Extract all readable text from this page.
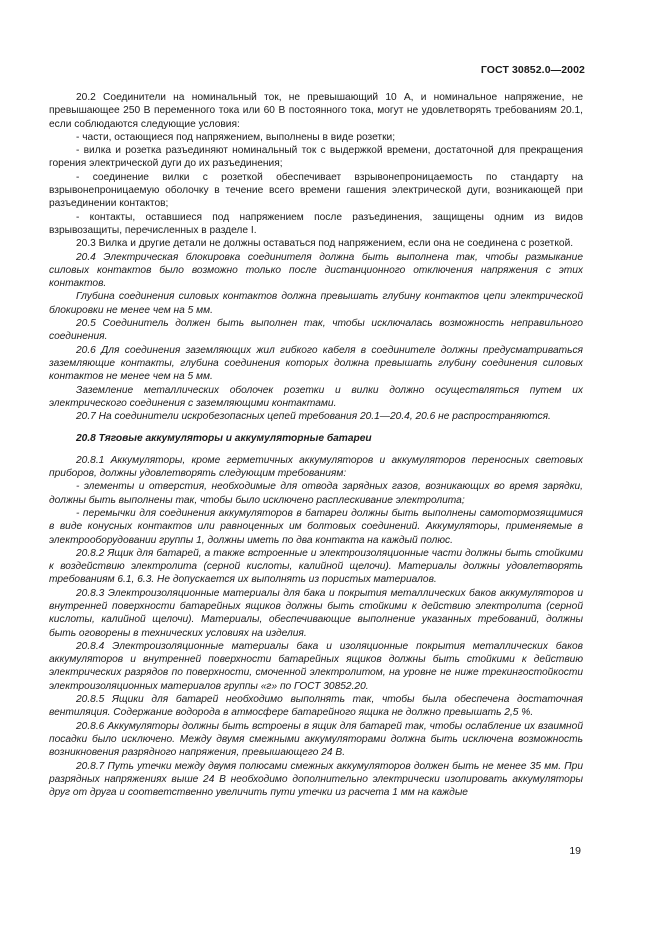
ГОСТ 30852.0—2002

20.2 Соединители на номинальный ток, не превышающий 10 А, и номинальное напряжение, не превышающее 250 В переменного тока или 60 В постоянного тока, могут не удовлетворять требованиям 20.1, если соблюдаются следующие условия:

- части, остающиеся под напряжением, выполнены в виде розетки;

- вилка и розетка разъединяют номинальный ток с выдержкой времени, достаточной для прекращения горения электрической дуги до их разъединения;

- соединение вилки с розеткой обеспечивает взрывонепроницаемость по стандарту на взрывонепроницаемую оболочку в течение всего времени гашения электрической дуги, возникающей при разъединении контактов;

- контакты, оставшиеся под напряжением после разъединения, защищены одним из видов взрывозащиты, перечисленных в разделе I.

20.3 Вилка и другие детали не должны оставаться под напряжением, если она не соединена с розеткой.

20.4 Электрическая блокировка соединителя должна быть выполнена так, чтобы размыкание силовых контактов было возможно только после дистанционного отключения напряжения с этих контактов.

Глубина соединения силовых контактов должна превышать глубину контактов цепи электрической блокировки не менее чем на 5 мм.

20.5 Соединитель должен быть выполнен так, чтобы исключалась возможность неправильного соединения.

20.6 Для соединения заземляющих жил гибкого кабеля в соединителе должны предусматриваться заземляющие контакты, глубина соединения которых должна превышать глубину соединения силовых контактов не менее чем на 5 мм.

Заземление металлических оболочек розетки и вилки должно осуществляться путем их электрического соединения с заземляющими контактами.

20.7 На соединители искробезопасных цепей требования 20.1—20.4, 20.6 не распространяются.

20.8 Тяговые аккумуляторы и аккумуляторные батареи

20.8.1 Аккумуляторы, кроме герметичных аккумуляторов и аккумуляторов переносных световых приборов, должны удовлетворять следующим требованиям:

- элементы и отверстия, необходимые для отвода зарядных газов, возникающих во время зарядки, должны быть выполнены так, чтобы было исключено расплескивание электролита;

- перемычки для соединения аккумуляторов в батареи должны быть выполнены самотормозящимися в виде конусных контактов или равноценных им болтовых соединений. Аккумуляторы, применяемые в электрооборудовании группы 1, должны иметь по два контакта на каждый полюс.

20.8.2 Ящик для батарей, а также встроенные и электроизоляционные части должны быть стойкими к воздействию электролита (серной кислоты, калийной щелочи). Материалы должны удовлетворять требованиям 6.1, 6.3. Не допускается их выполнять из пористых материалов.

20.8.3 Электроизоляционные материалы для бака и покрытия металлических баков аккумуляторов и внутренней поверхности батарейных ящиков должны быть стойкими к действию электролита (серной кислоты, калийной щелочи). Материалы, обеспечивающие выполнение указанных требований, должны быть оговорены в технических условиях на изделия.

20.8.4 Электроизоляционные материалы бака и изоляционные покрытия металлических баков аккумуляторов и внутренней поверхности батарейных ящиков должны быть стойкими к действию электрических разрядов по поверхности, смоченной электролитом, на уровне не ниже трекингостойкости электроизоляционных материалов группы «г» по ГОСТ 30852.20.

20.8.5 Ящики для батарей необходимо выполнять так, чтобы была обеспечена достаточная вентиляция. Содержание водорода в атмосфере батарейного ящика не должно превышать 2,5 %.

20.8.6 Аккумуляторы должны быть встроены в ящик для батарей так, чтобы ослабление их взаимной посадки было исключено. Между двумя смежными аккумуляторами должна быть исключена возможность возникновения разрядного напряжения, превышающего 24 В.

20.8.7 Путь утечки между двумя полюсами смежных аккумуляторов должен быть не менее 35 мм. При разрядных напряжениях выше 24 В необходимо дополнительно электрически изолировать аккумуляторы друг от друга и соответственно увеличить пути утечки из расчета 1 мм на каждые

19
